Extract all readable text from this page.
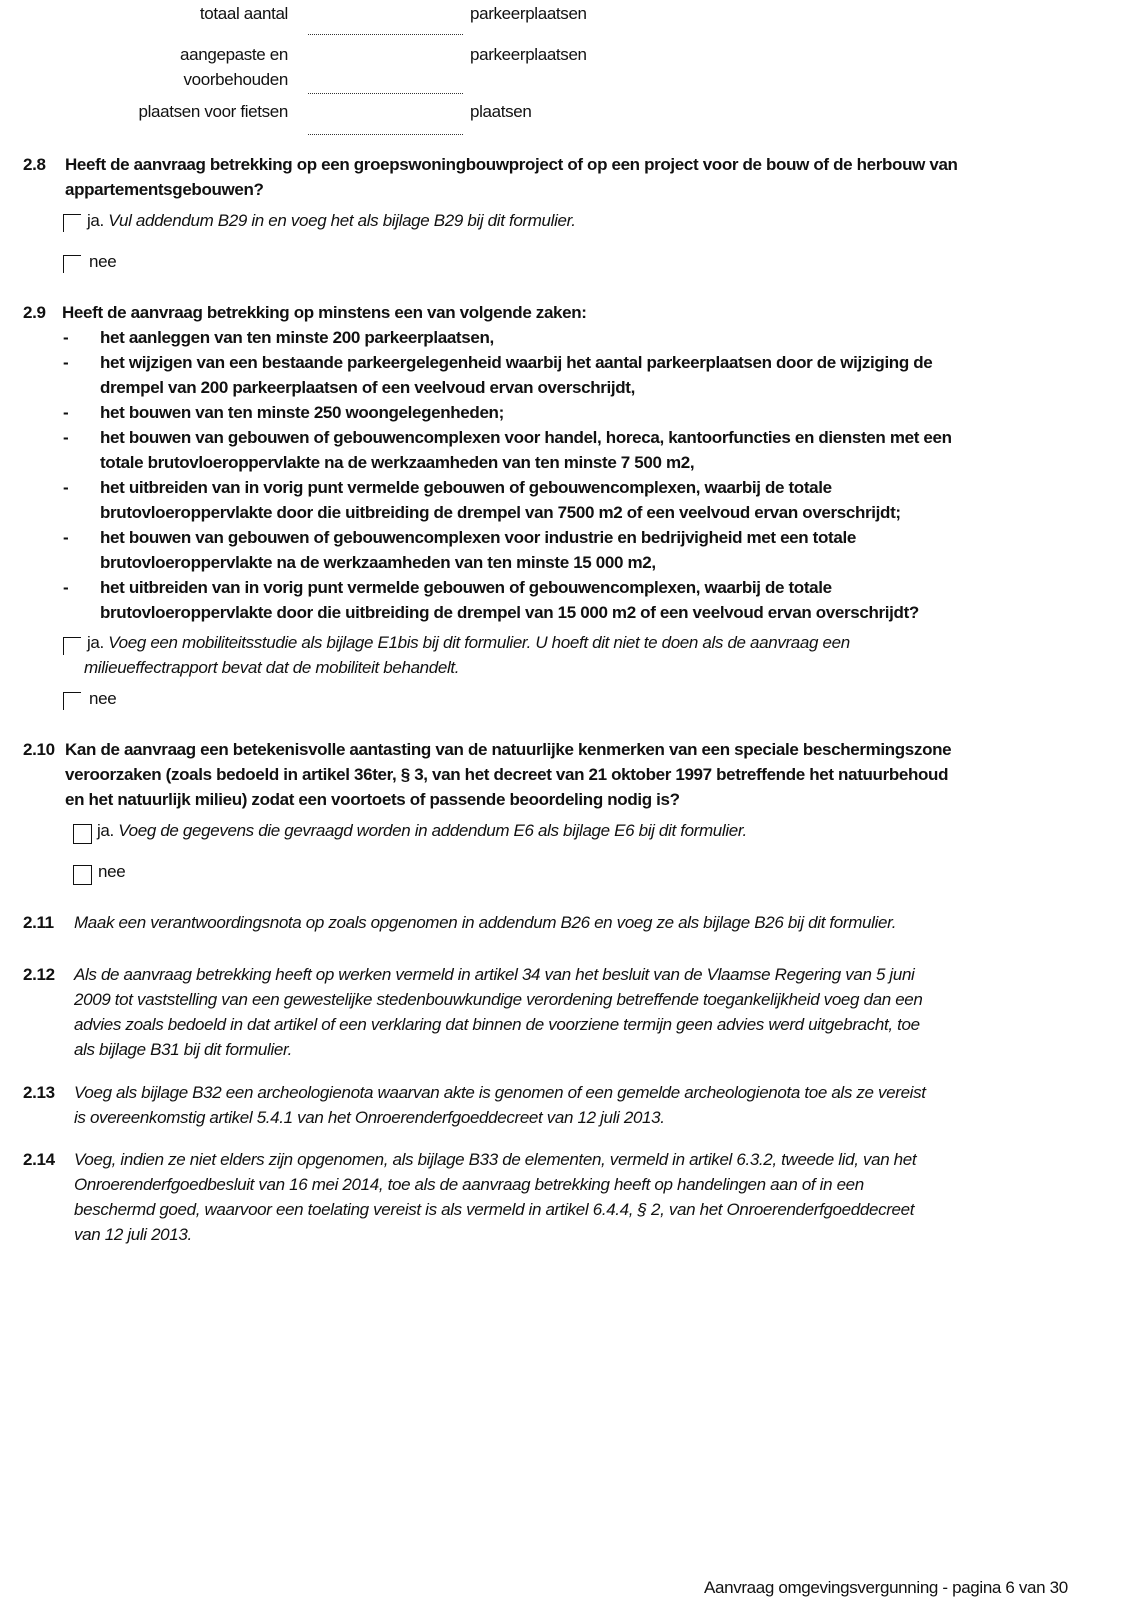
totaal aantal	parkeerplaatsen
aangepaste en
voorbehouden
parkeerplaatsen
plaatsen voor fietsen	plaatsen
2.8 Heeft de aanvraag betrekking op een groepswoningbouwproject of op een project voor de bouw of de herbouw van
appartementsgebouwen?
ja. Vul addendum B29 in en voeg het als bijlage B29 bij dit formulier.
nee
2.9 Heeft de aanvraag betrekking op minstens een van volgende zaken:
- het aanleggen van ten minste 200 parkeerplaatsen,
- het wijzigen van een bestaande parkeergelegenheid waarbij het aantal parkeerplaatsen door de wijziging de
drempel van 200 parkeerplaatsen of een veelvoud ervan overschrijdt,
- het bouwen van ten minste 250 woongelegenheden;
- het bouwen van gebouwen of gebouwencomplexen voor handel, horeca, kantoorfuncties en diensten met een
totale brutovloeroppervlakte na de werkzaamheden van ten minste 7 500 m2,
- het uitbreiden van in vorig punt vermelde gebouwen of gebouwencomplexen, waarbij de totale
brutovloeroppervlakte door die uitbreiding de drempel van 7500 m2 of een veelvoud ervan overschrijdt;
- het bouwen van gebouwen of gebouwencomplexen voor industrie en bedrijvigheid met een totale
brutovloeroppervlakte na de werkzaamheden van ten minste 15 000 m2,
- het uitbreiden van in vorig punt vermelde gebouwen of gebouwencomplexen, waarbij de totale
brutovloeroppervlakte door die uitbreiding de drempel van 15 000 m2 of een veelvoud ervan overschrijdt?
ja. Voeg een mobiliteitsstudie als bijlage E1bis bij dit formulier. U hoeft dit niet te doen als de aanvraag een
milieueffectrapport bevat dat de mobiliteit behandelt.
nee
2.10 Kan de aanvraag een betekenisvolle aantasting van de natuurlijke kenmerken van een speciale beschermingszone
veroorzaken (zoals bedoeld in artikel 36ter, § 3, van het decreet van 21 oktober 1997 betreffende het natuurbehoud
en het natuurlijk milieu) zodat een voortoets of passende beoordeling nodig is?
ja. Voeg de gegevens die gevraagd worden in addendum E6 als bijlage E6 bij dit formulier.
nee
2.11 Maak een verantwoordingsnota op zoals opgenomen in addendum B26 en voeg ze als bijlage B26 bij dit formulier.
2.12 Als de aanvraag betrekking heeft op werken vermeld in artikel 34 van het besluit van de Vlaamse Regering van 5 juni
2009 tot vaststelling van een gewestelijke stedenbouwkundige verordening betreffende toegankelijkheid voeg dan een
advies zoals bedoeld in dat artikel of een verklaring dat binnen de voorziene termijn geen advies werd uitgebracht, toe
als bijlage B31 bij dit formulier.
2.13 Voeg als bijlage B32 een archeologienota waarvan akte is genomen of een gemelde archeologienota toe als ze vereist
is overeenkomstig artikel 5.4.1 van het Onroerenderfgoeddecreet van 12 juli 2013.
2.14 Voeg, indien ze niet elders zijn opgenomen, als bijlage B33 de elementen, vermeld in artikel 6.3.2, tweede lid, van het
Onroerenderfgoedbesluit van 16 mei 2014, toe als de aanvraag betrekking heeft op handelingen aan of in een
beschermd goed, waarvoor een toelating vereist is als vermeld in artikel 6.4.4, § 2, van het Onroerenderfgoeddecreet
van 12 juli 2013.
Aanvraag omgevingsvergunning - pagina 6 van 30
